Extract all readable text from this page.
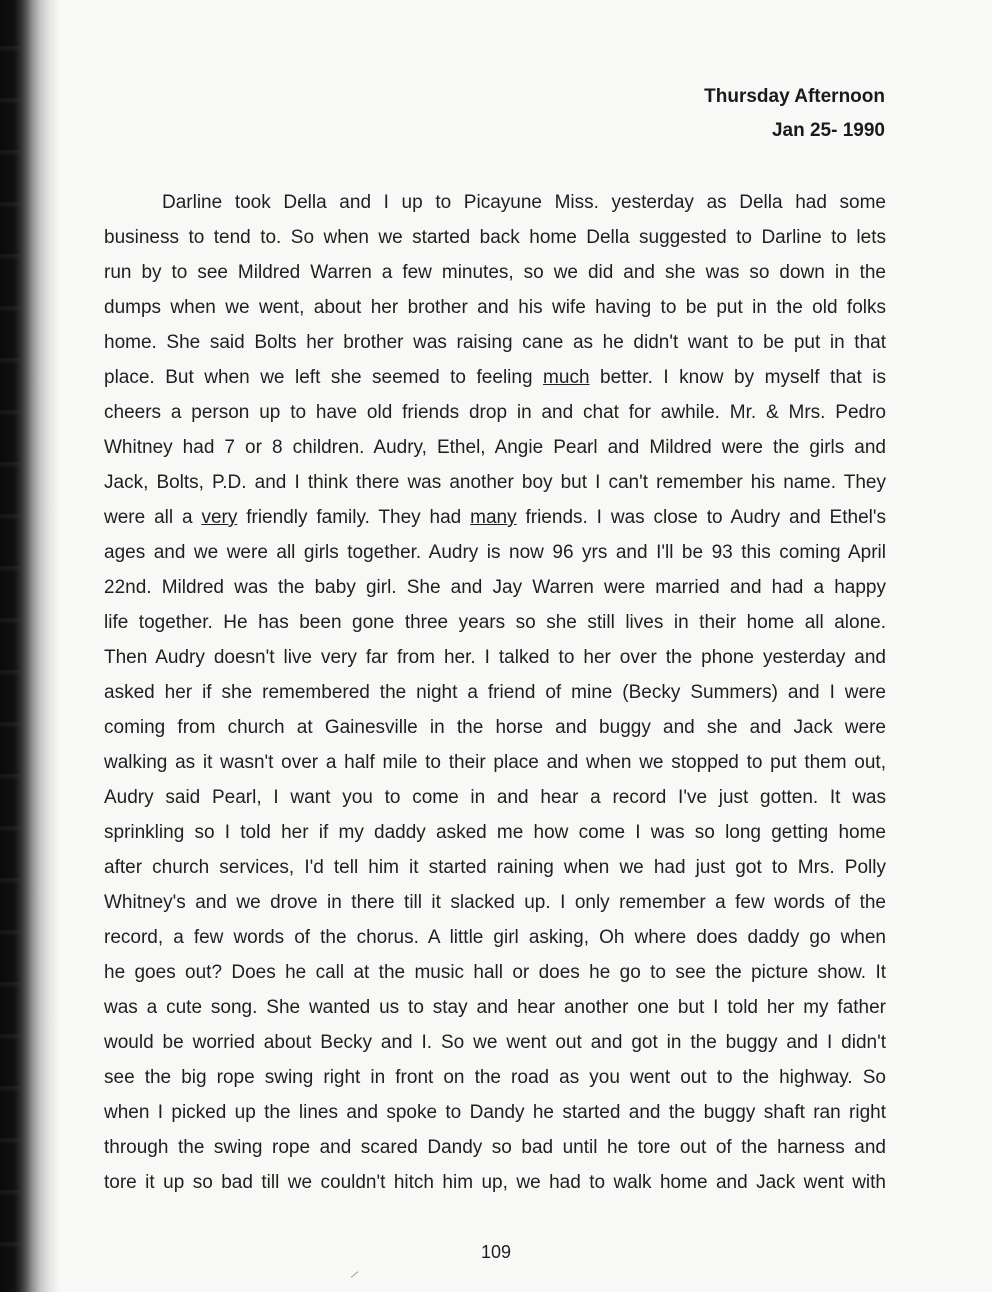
Thursday Afternoon
Jan 25- 1990
Darline took Della and I up to Picayune Miss. yesterday as Della had some
business to tend to. So when we started back home Della suggested to Darline to lets
run by to see Mildred Warren a few minutes, so we did and she was so down in the
dumps when we went, about her brother and his wife having to be put in the old folks
home. She said Bolts her brother was raising cane as he didn't want to be put in that
place. But when we left she seemed to feeling much better. I know by myself that is
cheers a person up to have old friends drop in and chat for awhile. Mr. & Mrs. Pedro
Whitney had 7 or 8 children. Audry, Ethel, Angie Pearl and Mildred were the girls and
Jack, Bolts, P.D. and I think there was another boy but I can't remember his name. They
were all a very friendly family. They had many friends. I was close to Audry and Ethel's
ages and we were all girls together. Audry is now 96 yrs and I'll be 93 this coming April
22nd. Mildred was the baby girl. She and Jay Warren were married and had a happy
life together. He has been gone three years so she still lives in their home all alone.
Then Audry doesn't live very far from her. I talked to her over the phone yesterday and
asked her if she remembered the night a friend of mine (Becky Summers) and I were
coming from church at Gainesville in the horse and buggy and she and Jack were
walking as it wasn't over a half mile to their place and when we stopped to put them out,
Audry said Pearl, I want you to come in and hear a record I've just gotten. It was
sprinkling so I told her if my daddy asked me how come I was so long getting home
after church services, I'd tell him it started raining when we had just got to Mrs. Polly
Whitney's and we drove in there till it slacked up. I only remember a few words of the
record, a few words of the chorus. A little girl asking, Oh where does daddy go when
he goes out? Does he call at the music hall or does he go to see the picture show. It
was a cute song. She wanted us to stay and hear another one but I told her my father
would be worried about Becky and I. So we went out and got in the buggy and I didn't
see the big rope swing right in front on the road as you went out to the highway. So
when I picked up the lines and spoke to Dandy he started and the buggy shaft ran right
through the swing rope and scared Dandy so bad until he tore out of the harness and
tore it up so bad till we couldn't hitch him up, we had to walk home and Jack went with
109
